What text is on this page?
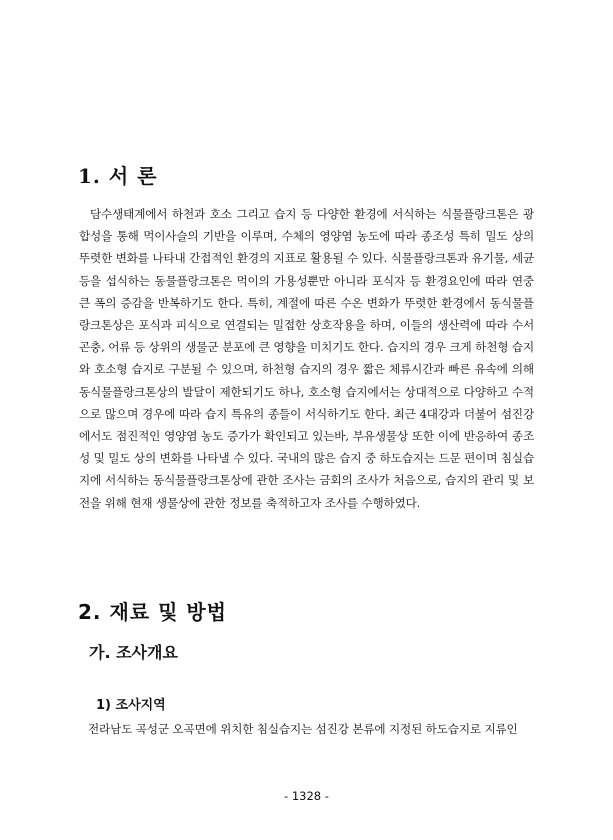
1. 서 론
담수생태계에서 하천과 호소 그리고 습지 등 다양한 환경에 서식하는 식물플랑크톤은 광합성을 통해 먹이사슬의 기반을 이루며, 수체의 영양염 농도에 따라 종조성 특히 밀도 상의 뚜렷한 변화를 나타내 간접적인 환경의 지표로 활용될 수 있다. 식물플랑크톤과 유기물, 세균 등을 섭식하는 동물플랑크톤은 먹이의 가용성뿐만 아니라 포식자 등 환경요인에 따라 연중 큰 폭의 증감을 반복하기도 한다. 특히, 계절에 따른 수온 변화가 뚜렷한 환경에서 동식물플랑크톤상은 포식과 피식으로 연결되는 밀접한 상호작용을 하며, 이들의 생산력에 따라 수서곤충, 어류 등 상위의 생물군 분포에 큰 영향을 미치기도 한다. 습지의 경우 크게 하천형 습지와 호소형 습지로 구분될 수 있으며, 하천형 습지의 경우 짧은 체류시간과 빠른 유속에 의해 동식물플랑크톤상의 발달이 제한되기도 하나, 호소형 습지에서는 상대적으로 다양하고 수적으로 많으며 경우에 따라 습지 특유의 종들이 서식하기도 한다. 최근 4대강과 더불어 섬진강에서도 점진적인 영양염 농도 증가가 확인되고 있는바, 부유생물상 또한 이에 반응하여 종조성 및 밀도 상의 변화를 나타낼 수 있다. 국내의 많은 습지 중 하도습지는 드문 편이며 침실습지에 서식하는 동식물플랑크톤상에 관한 조사는 금회의 조사가 처음으로, 습지의 관리 및 보전을 위해 현재 생물상에 관한 정보를 축적하고자 조사를 수행하였다.
2. 재료 및 방법
가. 조사개요
1) 조사지역
전라남도 곡성군 오곡면에 위치한 침실습지는 섬진강 본류에 지정된 하도습지로 지류인
- 1328 -
